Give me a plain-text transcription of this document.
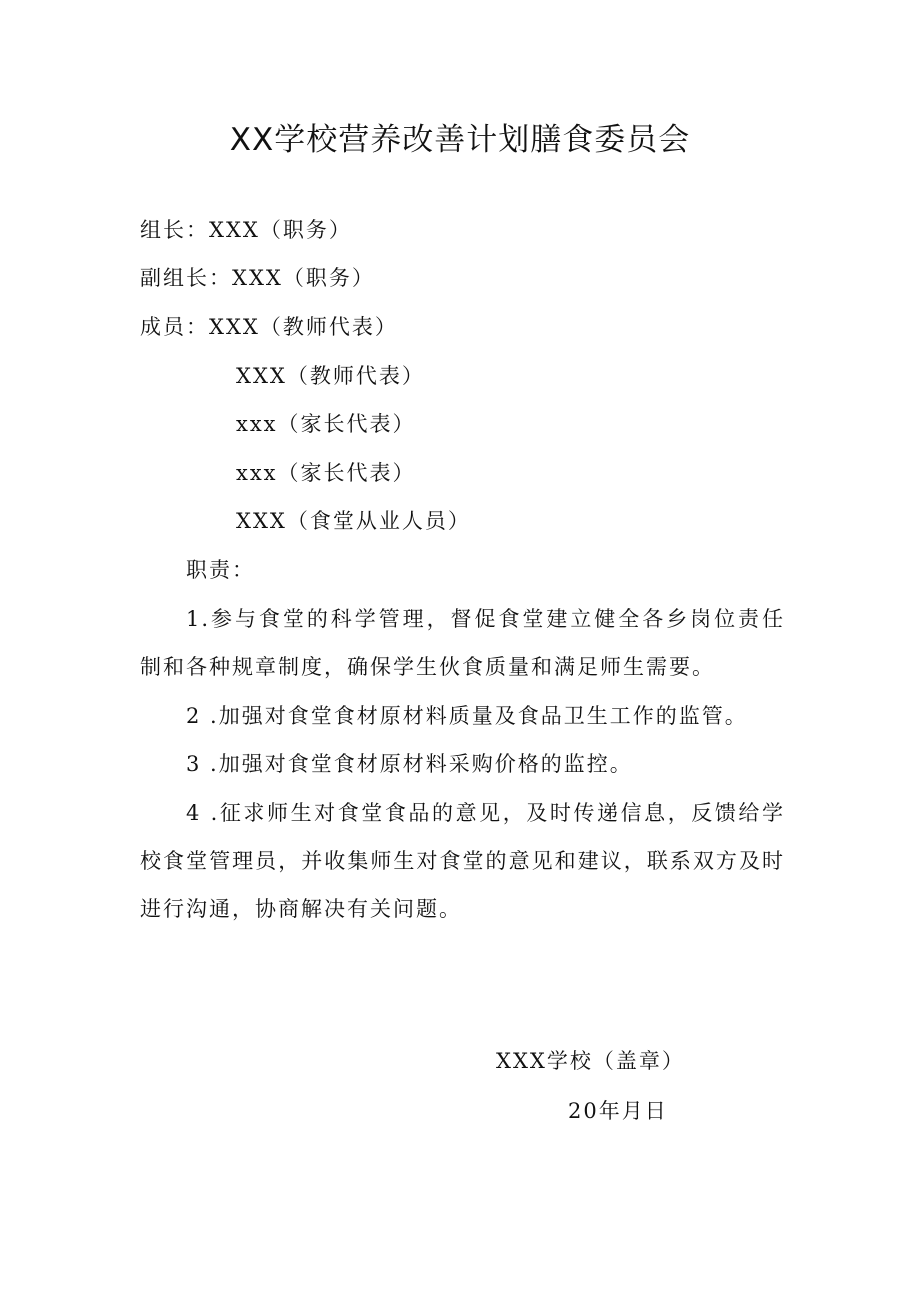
XX学校营养改善计划膳食委员会

组长：XXX（职务）

副组长：XXX（职务）

成员：XXX（教师代表）

XXX（教师代表）

xxx（家长代表）

xxx（家长代表）

XXX（食堂从业人员）

职责：

1.参与食堂的科学管理，督促食堂建立健全各乡岗位责任制和各种规章制度，确保学生伙食质量和满足师生需要。

2 .加强对食堂食材原材料质量及食品卫生工作的监管。

3 .加强对食堂食材原材料采购价格的监控。

4 .征求师生对食堂食品的意见，及时传递信息，反馈给学校食堂管理员，并收集师生对食堂的意见和建议，联系双方及时进行沟通，协商解决有关问题。

XXX学校（盖章）

20年月日
